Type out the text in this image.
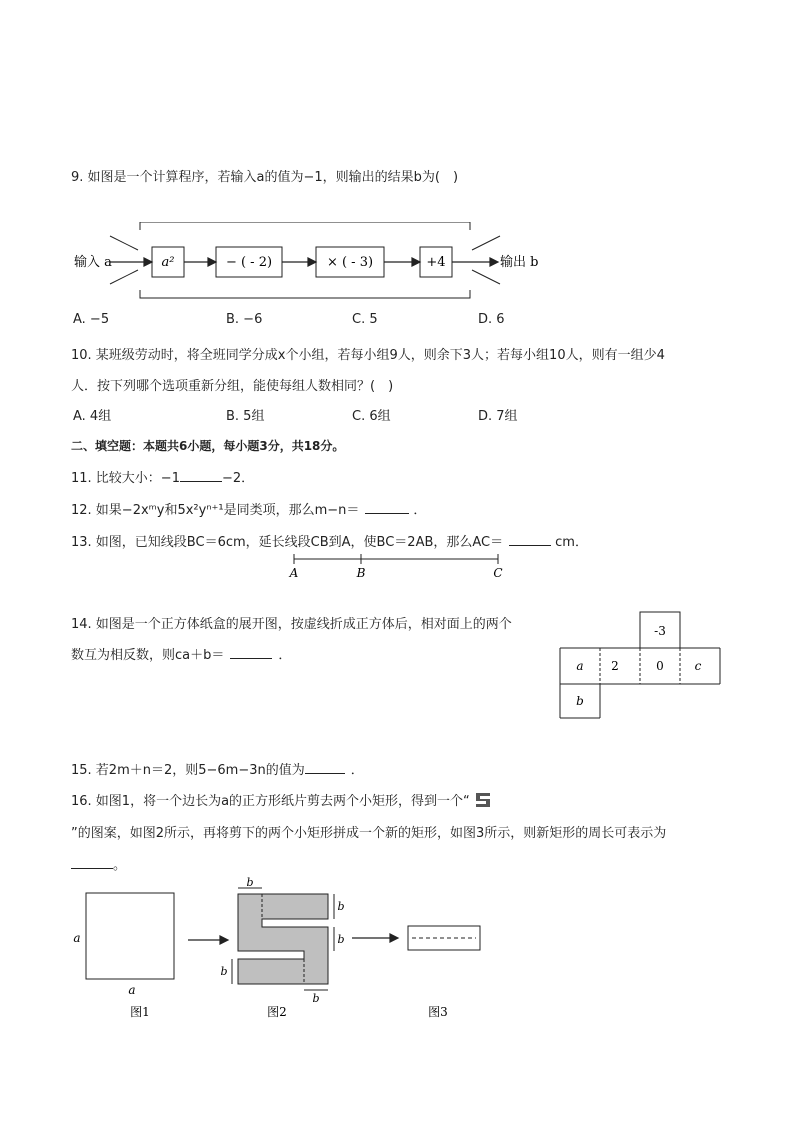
9. 如图是一个计算程序，若输入a的值为−1，则输出的结果b为(　)
输入 a	a²	− ( - 2)	× ( - 3)	+4	输出 b
A. −5	B. −6	C. 5	D. 6
10. 某班级劳动时，将全班同学分成x个小组，若每小组9人，则余下3人；若每小组10人，则有一组少4
人．按下列哪个选项重新分组，能使每组人数相同？(　)
A. 4组	B. 5组	C. 6组	D. 7组
二、填空题：本题共6小题，每小题3分，共18分。
11. 比较大小：−1	−2．
12. 如果−2xᵐy和5x²yⁿ⁺¹是同类项，那么m−n＝	．
13. 如图，已知线段BC＝6cm，延长线段CB到A，使BC＝2AB，那么AC＝	cm．
A	B	C
14. 如图是一个正方体纸盒的展开图，按虚线折成正方体后，相对面上的两个
数互为相反数，则ca＋b＝	．
-3
a 2	0	c
b
15. 若2m＋n＝2，则5−6m−3n的值为	．
16. 如图1，将一个边长为a的正方形纸片剪去两个小矩形，得到一个“
”的图案，如图2所示，再将剪下的两个小矩形拼成一个新的矩形，如图3所示，则新矩形的周长可表示为
。
a
a
图1
b
b
b
b
b
图2	图3
